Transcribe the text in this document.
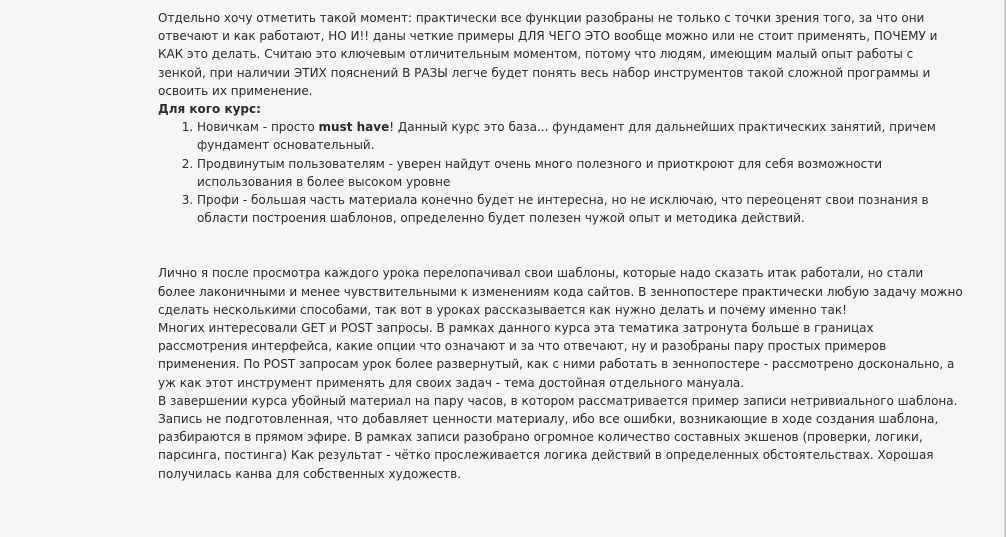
Отдельно хочу отметить такой момент: практически все функции разобраны не только с точки зрения того, за что они отвечают и как работают, НО И!! даны четкие примеры ДЛЯ ЧЕГО ЭТО вообще можно или не стоит применять, ПОЧЕМУ и КАК это делать. Считаю это ключевым отличительным моментом, потому что людям, имеющим малый опыт работы с зенкой, при наличии ЭТИХ пояснений В РАЗЫ легче будет понять весь набор инструментов такой сложной программы и освоить их применение.

Для кого курс:

1. Новичкам - просто must have! Данный курс это база... фундамент для дальнейших практических занятий, причем фундамент основательный.
2. Продвинутым пользователям - уверен найдут очень много полезного и приоткроют для себя возможности использования в более высоком уровне
3. Профи - большая часть материала конечно будет не интересна, но не исключаю, что переоценят свои познания в области построения шаблонов, определенно будет полезен чужой опыт и методика действий.

Лично я после просмотра каждого урока перелопачивал свои шаблоны, которые надо сказать итак работали, но стали более лаконичными и менее чувствительными к изменениям кода сайтов. В зеннопостере практически любую задачу можно сделать несколькими способами, так вот в уроках рассказывается как нужно делать и почему именно так!

Многих интересовали GET и POST запросы. В рамках данного курса эта тематика затронута больше в границах рассмотрения интерфейса, какие опции что означают и за что отвечают, ну и разобраны пару простых примеров применения. По POST запросам урок более развернутый, как с ними работать в зеннопостере - рассмотрено досконально, а уж как этот инструмент применять для своих задач - тема достойная отдельного мануала.

В завершении курса убойный материал на пару часов, в котором рассматривается пример записи нетривиального шаблона. Запись не подготовленная, что добавляет ценности материалу, ибо все ошибки, возникающие в ходе создания шаблона, разбираются в прямом эфире. В рамках записи разобрано огромное количество составных экшенов (проверки, логики, парсинга, постинга) Как результат - чётко прослеживается логика действий в определенных обстоятельствах. Хорошая получилась канва для собственных художеств.
